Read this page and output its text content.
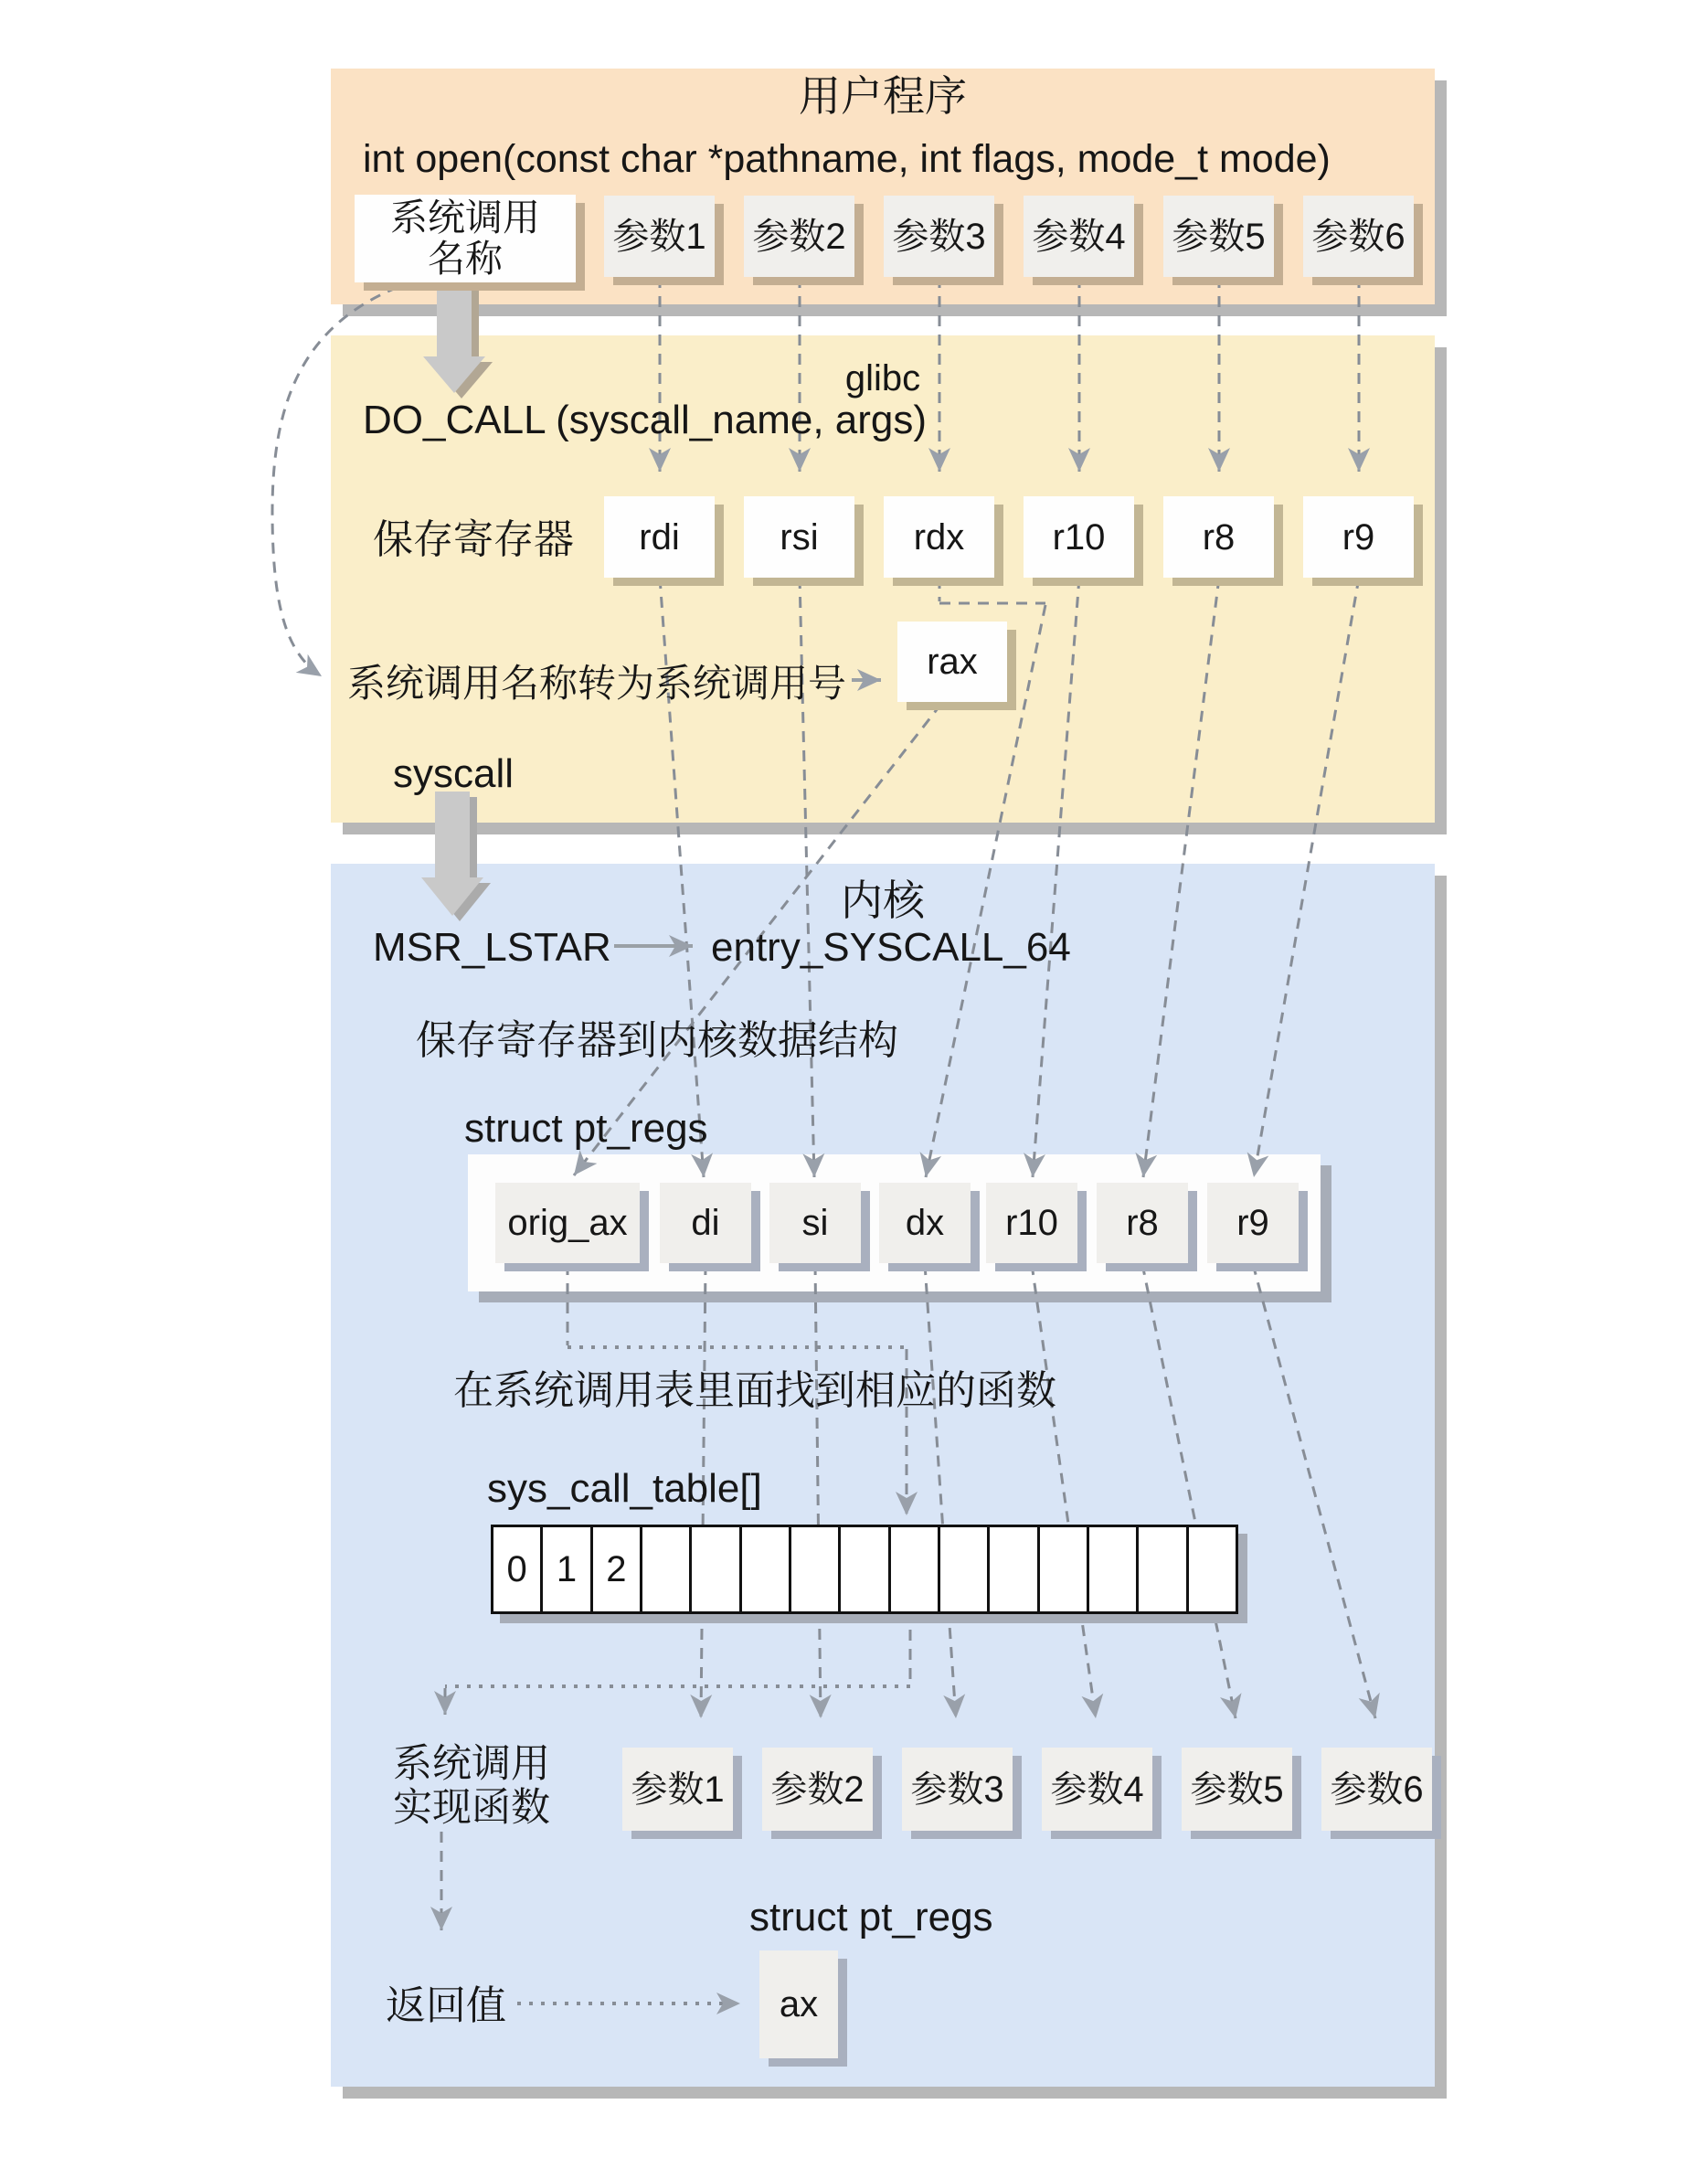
用户程序
int open(const char *pathname, int flags, mode_t mode)
系统调用
名称
参数1 参数2 参数3 参数4 参数5 参数6
glibc
DO_CALL (syscall_name, args)
保存寄存器	rdi	rsi	rdx	r10	r8	r9
系统调用名称转为系统调用号	rax
syscall
内核
MSR_LSTAR entry_SYSCALL_64
保存寄存器到内核数据结构
struct pt_regs
orig_ax	di	si	dx	r10	r8	r9
在系统调用表里面找到相应的函数
sys_call_table[]
0 1 2
系统调用
实现函数 参数1 参数2 参数3 参数4 参数5 参数6
struct pt_regs
返回值	ax
